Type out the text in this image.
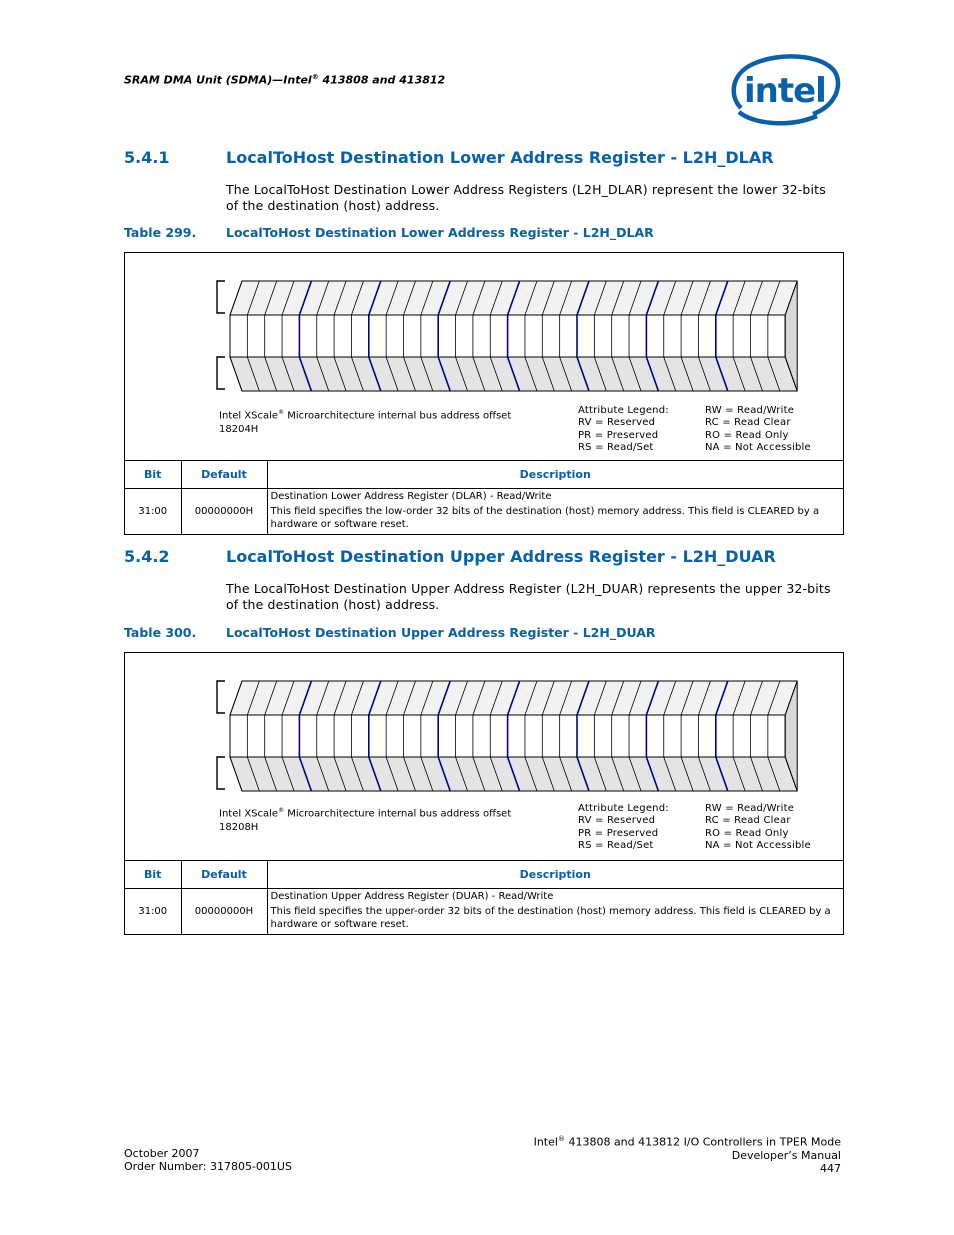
SRAM DMA Unit (SDMA)—Intel® 413808 and 413812	intel
5.4.1	LocalToHost Destination Lower Address Register - L2H_DLAR
The LocalToHost Destination Lower Address Registers (L2H_DLAR) represent the lower 32-bits of the destination (host) address.
Table 299. LocalToHost Destination Lower Address Register - L2H_DLAR
Intel XScale® Microarchitecture internal bus address offset
18204H
Attribute Legend:
RV = Reserved
PR = Preserved
RS = Read/Set
RW = Read/Write
RC = Read Clear
RO = Read Only
NA = Not Accessible
Bit	Default	Description
31:00	00000000H	Destination Lower Address Register (DLAR) - Read/Write
This field specifies the low-order 32 bits of the destination (host) memory address. This field is CLEARED by a hardware or software reset.
5.4.2	LocalToHost Destination Upper Address Register - L2H_DUAR
The LocalToHost Destination Upper Address Register (L2H_DUAR) represents the upper 32-bits of the destination (host) address.
Table 300. LocalToHost Destination Upper Address Register - L2H_DUAR
Intel XScale® Microarchitecture internal bus address offset
18208H
Attribute Legend:
RV = Reserved
PR = Preserved
RS = Read/Set
RW = Read/Write
RC = Read Clear
RO = Read Only
NA = Not Accessible
Bit	Default	Description
31:00	00000000H	Destination Upper Address Register (DUAR) - Read/Write
This field specifies the upper-order 32 bits of the destination (host) memory address. This field is CLEARED by a hardware or software reset.
October 2007
Order Number: 317805-001US
Intel® 413808 and 413812 I/O Controllers in TPER Mode
Developer’s Manual
447
